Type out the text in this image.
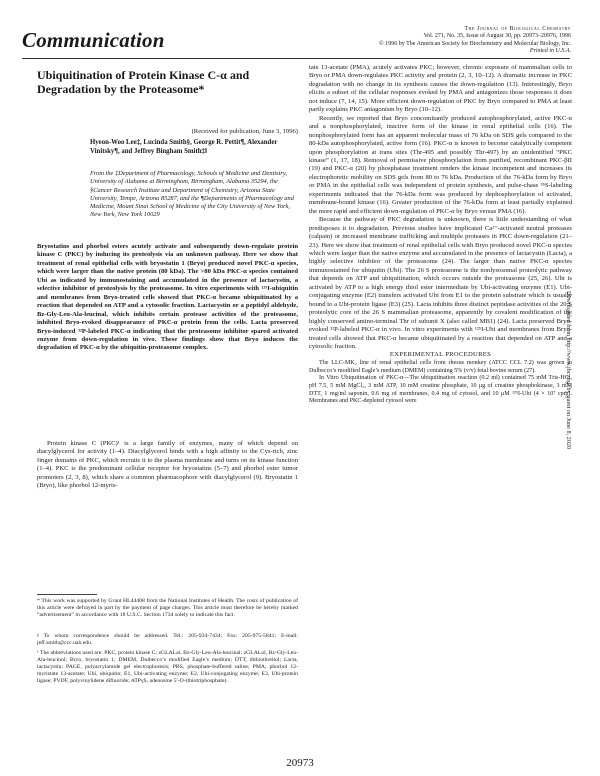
Communication	The Journal of Biological Chemistry
Vol. 271, No. 35, Issue of August 30, pp. 20973–20976, 1996
© 1996 by The American Society for Biochemistry and Molecular Biology, Inc.
Printed in U.S.A.
Ubiquitination of Protein Kinase C-α and Degradation by the Proteasome*
(Received for publication, June 3, 1996)
Hyeon-Woo Lee‡, Lucinda Smith§, George R. Pettit¶, Alexander Vinitsky¶, and Jeffrey Bingham Smith‡‖
From the ‡Department of Pharmacology, Schools of Medicine and Dentistry, University of Alabama at Birmingham, Birmingham, Alabama 35294, the §Cancer Research Institute and Department of Chemistry, Arizona State University, Tempe, Arizona 85287, and the ¶Departments of Pharmacology and Medicine, Mount Sinai School of Medicine of the City University of New York, New York, New York 10029
Bryostatins and phorbol esters acutely activate and subsequently down-regulate protein kinase C (PKC) by inducing its proteolysis via an unknown pathway. Here we show that treatment of renal epithelial cells with bryostatin 1 (Bryo) produced novel PKC-α species, which were larger than the native protein (80 kDa). The >80 kDa PKC-α species contained Ubi as indicated by immunostaining and accumulated in the presence of lactacystin, a selective inhibitor of proteolysis by the proteasome. In vitro experiments with ¹²⁵I-ubiquitin and membranes from Bryo-treated cells showed that PKC-α became ubiquitinated by a reaction that depended on ATP and a cytosolic fraction. Lactacystin or a peptidyl aldehyde, Bz-Gly-Leu-Ala-leucinal, which inhibits certain protease activities of the proteasome, inhibited Bryo-evoked disappearance of PKC-α protein from the cells. Lacta preserved Bryo-induced ³²P-labeled PKC-α indicating that the proteasome inhibitor spared activated enzyme from down-regulation in vivo. These findings show that Bryo induces the degradation of PKC-α by the ubiquitin-proteasome complex.
Protein kinase C (PKC)¹ is a large family of enzymes, many of which depend on diacylglycerol for activity (1–4). Diacylglycerol binds with a high affinity to the Cys-rich, zinc finger domains of PKC, which recruits it to the plasma membrane and turns on its kinase function (1–4). PKC is the predominant cellular receptor for bryostatins (5–7) and phorbol ester tumor promoters (2, 3, 8), which share a common pharmacophore with diacylglycerol (9). Bryostatin 1 (Bryo), like phorbol 12-myris-
* This work was supported by Grant HL44408 from the National Institutes of Health. The costs of publication of this article were defrayed in part by the payment of page charges. This article must therefore be hereby marked “advertisement” in accordance with 18 U.S.C. Section 1734 solely to indicate this fact.
‖ To whom correspondence should be addressed. Tel.: 205-934-7434; Fax: 205-975-5841; E-mail: jeff.smith@ccc.uab.edu.
¹ The abbreviations used are: PKC, protein kinase C; zGLALal, Bz-Gly-Leu-Ala-leucinal; zGLALol, Bz-Gly-Leu-Ala-leucinol; Bryo, bryostatin 1; DMEM, Dulbecco’s modified Eagle’s medium; DTT, dithiothreitol; Lacta, lactacystin; PAGE, polyacrylamide gel electrophoresis; PBS, phosphate-buffered saline; PMA, phorbol 12-myristate 13-acetate; Ubi, ubiquitin; E1, Ubi-activating enzyme; E2, Ubi-conjugating enzyme; E3, Ubi-protein ligase; PVDF, polyvinylidene difluoride; ATPγS, adenosine 5′-O-(thiotriphosphate).

tate 13-acetate (PMA), acutely activates PKC; however, chronic exposure of mammalian cells to Bryo or PMA down-regulates PKC activity and protein (2, 3, 10–12). A dramatic increase in PKC degradation with no change in its synthesis causes the down-regulation (13). Interestingly, Bryo elicits a subset of the cellular responses evoked by PMA and antagonizes those responses it does not induce (7, 14, 15). More efficient down-regulation of PKC by Bryo compared to PMA at least partly explains PKC antagonism by Bryo (10–12).

Recently, we reported that Bryo concomitantly produced autophosphorylated, active PKC-α and a nonphosphorylated, inactive form of the kinase in renal epithelial cells (16). The nonphosphorylated form has an apparent molecular mass of 76 kDa on SDS gels compared to the 80-kDa autophosphorylated, active form (16). PKC-α is known to become catalytically competent upon phosphorylation at trans sites (Thr-495 and possibly Thr-497) by an unidentified “PKC kinase” (1, 17, 18). Removal of permissive phosphorylation from purified, recombinant PKC-βII (19) and PKC-α (20) by phosphatase treatment renders the kinase incompetent and increases its electrophoretic mobility on SDS gels from 80 to 76 kDa. Production of the 76-kDa form by Bryo or PMA in the epithelial cells was independent of protein synthesis, and pulse-chase ³⁵S-labeling experiments indicated that the 76-kDa form was produced by dephosphorylation of activated, membrane-bound kinase (16). Greater production of the 76-kDa form at least partially explained the more rapid and efficient down-regulation of PKC-α by Bryo versus PMA (16).

Because the pathway of PKC degradation is unknown, there is little understanding of what predisposes it to degradation. Previous studies have implicated Ca²⁺-activated neutral proteases (calpain) or increased membrane trafficking and multiple proteases in PKC down-regulation (21–23). Here we show that treatment of renal epithelial cells with Bryo produced novel PKC-α species which were larger than the native enzyme and accumulated in the presence of lactacystin (Lacta), a highly selective inhibitor of the proteasome (24). The larger than native PKC-α species immunostained for ubiquitin (Ubi). The 26 S proteasome is the nonlysosomal proteolytic pathway that depends on ATP and ubiquitination, which occurs outside the proteasome (25, 26). Ubi is activated by ATP to a high energy thiol ester intermediate by Ubi-activating enzyme (E1). Ubi-conjugating enzyme (E2) transfers activated Ubi from E1 to the protein substrate which is usually bound to a Ubi-protein ligase (E3) (25). Lacta inhibits three distinct peptidase activities of the 20 S proteolytic core of the 26 S mammalian proteasome, apparently by covalent modification of the highly conserved amino-terminal Thr of subunit X (also called MB1) (24). Lacta preserved Bryo-evoked ³²P-labeled PKC-α in vivo. In vitro experiments with ¹²⁵I-Ubi and membranes from Bryo-treated cells showed that PKC-α became ubiquitinated by a reaction that depended on ATP and a cytosolic fraction.

EXPERIMENTAL PROCEDURES

The LLC-MK₂ line of renal epithelial cells from rhesus monkey (ATCC CCL 7.2) was grown in Dulbecco’s modified Eagle’s medium (DMEM) containing 5% (v/v) fetal bovine serum (27).

In Vitro Ubiquitination of PKC-α—The ubiquitination reaction (0.2 ml) contained 75 mM Tris-HCl, pH 7.5, 5 mM MgCl₂, 3 mM ATP, 10 mM creatine phosphate, 10 μg of creatine phosphokinase, 3 mM DTT, 1 mg/ml saponin, 0.6 mg of membranes, 0.4 mg of cytosol, and 10 μM ¹²⁵I-Ubi (4 × 10⁷ cpm). Membranes and PKC-depleted cytosol were	Downloaded from http://www.jbc.org/ by guest on June 8, 2020
20973
